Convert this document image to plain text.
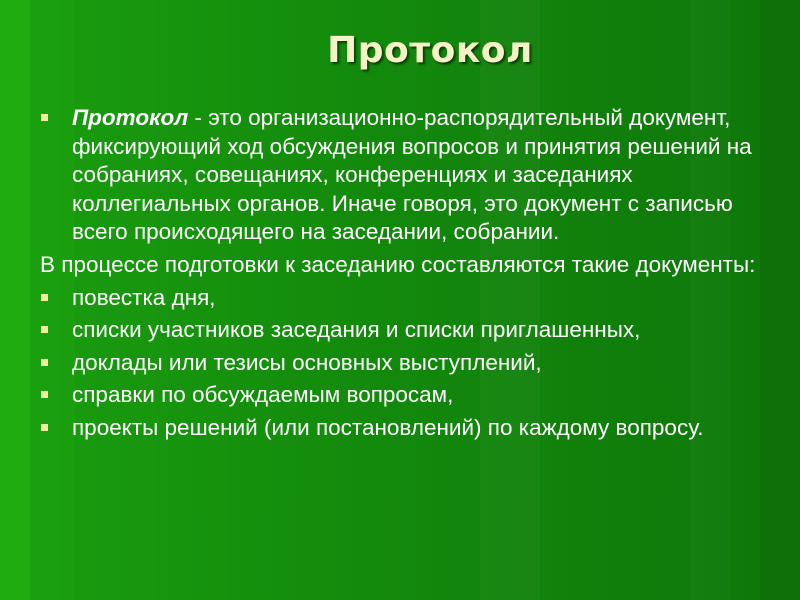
Протокол
Протокол - это организационно-распорядительный документ, фиксирующий ход обсуждения вопросов и принятия решений на собраниях, совещаниях, конференциях и заседаниях коллегиальных органов. Иначе говоря, это документ с записью всего происходящего на заседании, собрании.
В процессе подготовки к заседанию составляются такие документы:
повестка дня,
списки участников заседания и списки приглашенных,
доклады или тезисы основных выступлений,
справки по обсуждаемым вопросам,
проекты решений (или постановлений) по каждому вопросу.
